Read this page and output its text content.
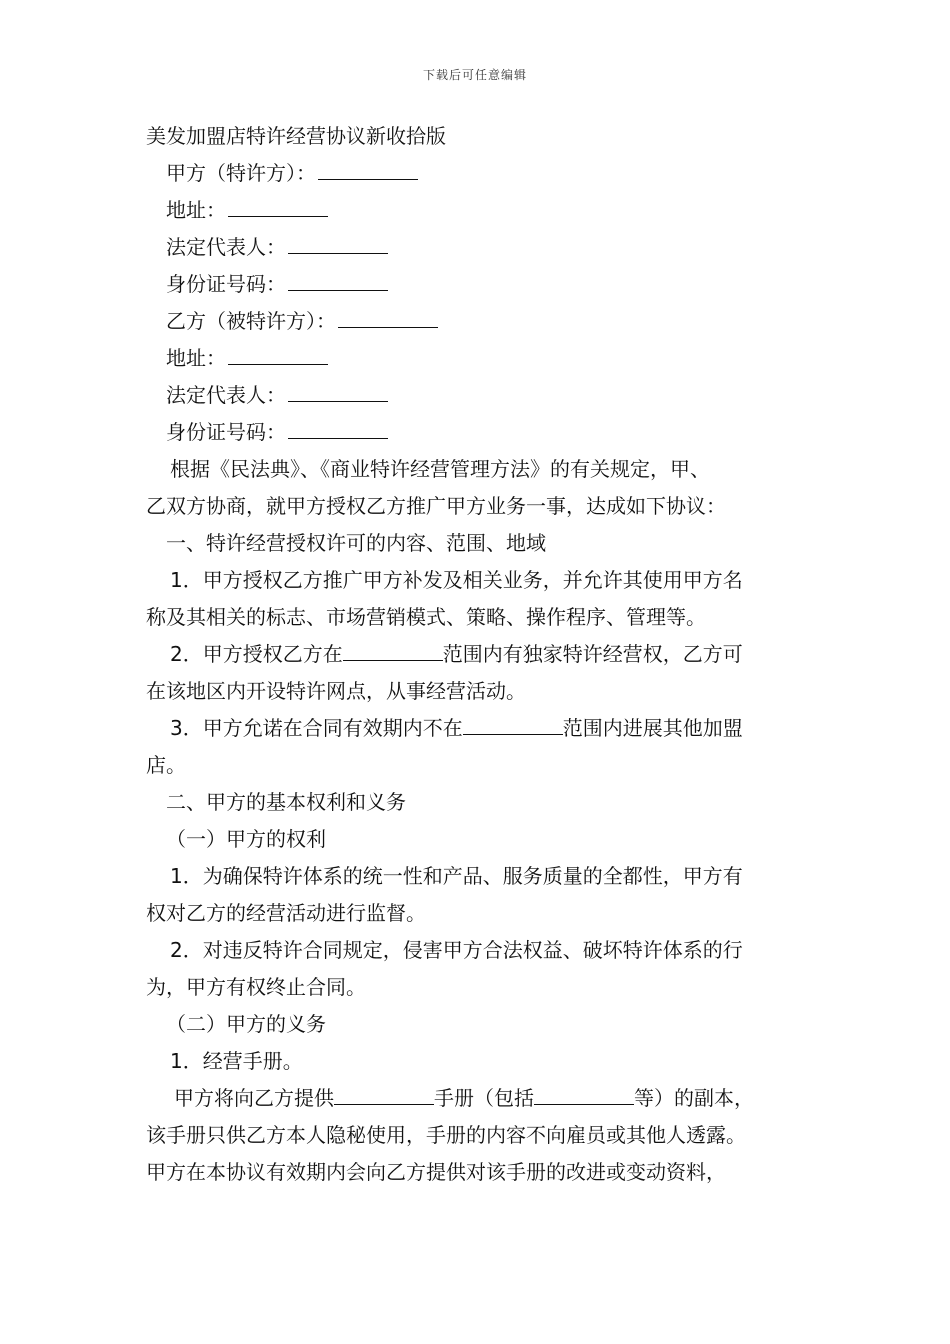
下载后可任意编辑
美发加盟店特许经营协议新收拾版
甲方（特许方）：
地址：
法定代表人：
身份证号码：
乙方（被特许方）：
地址：
法定代表人：
身份证号码：
根据《民法典》、《商业特许经营管理方法》的有关规定，甲、
乙双方协商，就甲方授权乙方推广甲方业务一事，达成如下协议：
一、特许经营授权许可的内容、范围、地域
1．甲方授权乙方推广甲方补发及相关业务，并允许其使用甲方名
称及其相关的标志、市场营销模式、策略、操作程序、管理等。
2．甲方授权乙方在	范围内有独家特许经营权，乙方可
在该地区内开设特许网点，从事经营活动。
3．甲方允诺在合同有效期内不在	范围内进展其他加盟
店。
二、甲方的基本权利和义务
（一）甲方的权利
1．为确保特许体系的统一性和产品、服务质量的全都性，甲方有
权对乙方的经营活动进行监督。
2．对违反特许合同规定，侵害甲方合法权益、破坏特许体系的行
为，甲方有权终止合同。
（二）甲方的义务
1．经营手册。
甲方将向乙方提供	手册（包括	等）的副本，
该手册只供乙方本人隐秘使用，手册的内容不向雇员或其他人透露。
甲方在本协议有效期内会向乙方提供对该手册的改进或变动资料，
